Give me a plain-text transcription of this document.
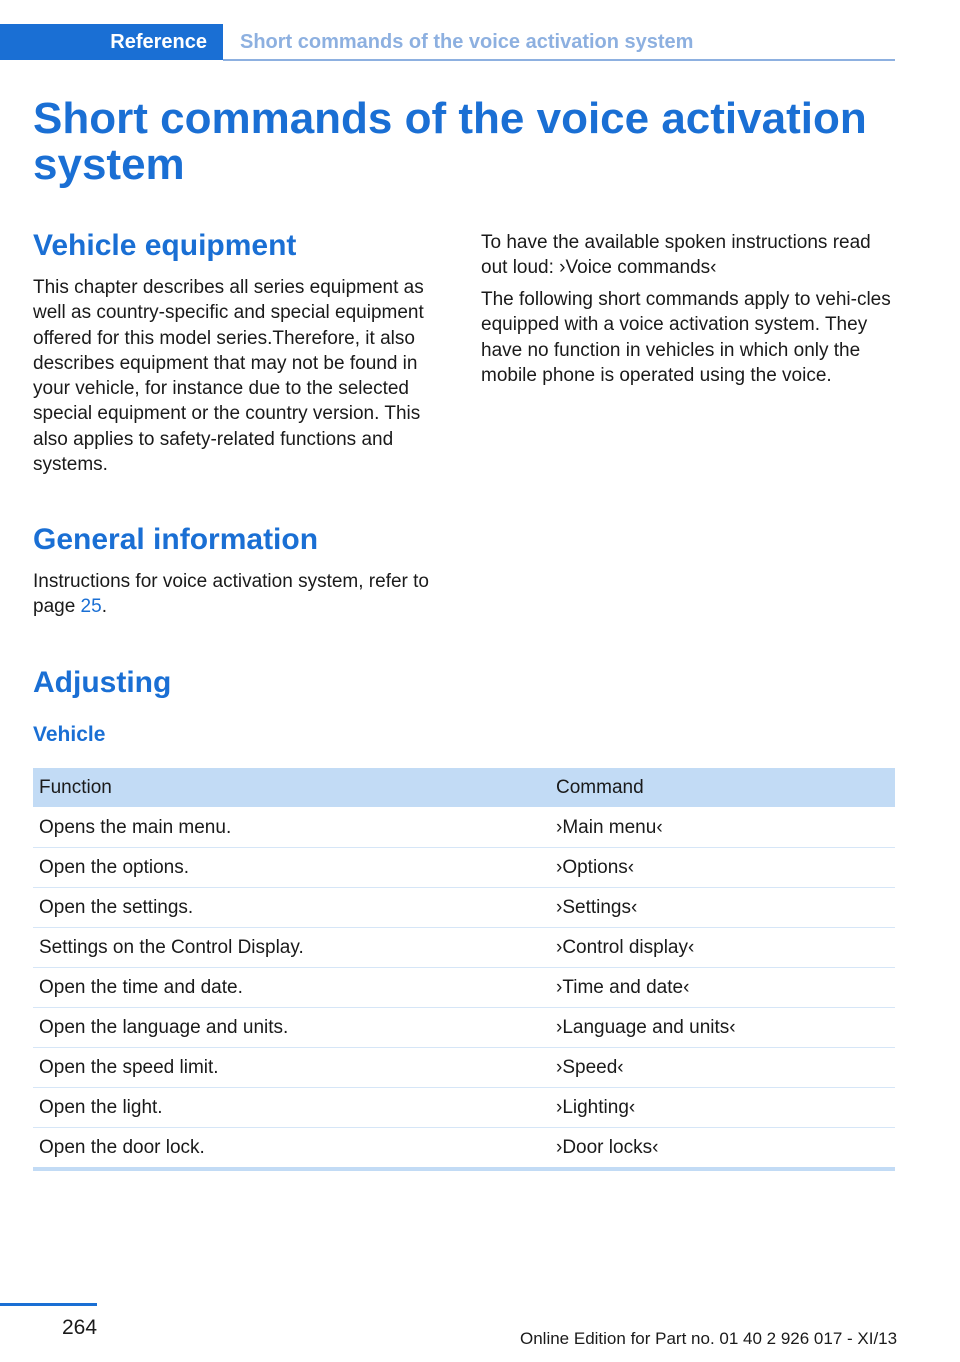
Reference	Short commands of the voice activation system
Short commands of the voice activation system
Vehicle equipment

This chapter describes all series equipment as well as country-specific and special equipment offered for this model series.Therefore, it also describes equipment that may not be found in your vehicle, for instance due to the selected special equipment or the country version. This also applies to safety-related functions and systems.

General information

Instructions for voice activation system, refer to page 25.

To have the available spoken instructions read out loud: ›Voice commands‹

The following short commands apply to vehi‐cles equipped with a voice activation system. They have no function in vehicles in which only the mobile phone is operated using the voice.

Adjusting
Vehicle
Function	Command
Opens the main menu.	›Main menu‹
Open the options.	›Options‹
Open the settings.	›Settings‹
Settings on the Control Display.	›Control display‹
Open the time and date.	›Time and date‹
Open the language and units.	›Language and units‹
Open the speed limit.	›Speed‹
Open the light.	›Lighting‹
Open the door lock.	›Door locks‹
264	Online Edition for Part no. 01 40 2 926 017 - XI/13
